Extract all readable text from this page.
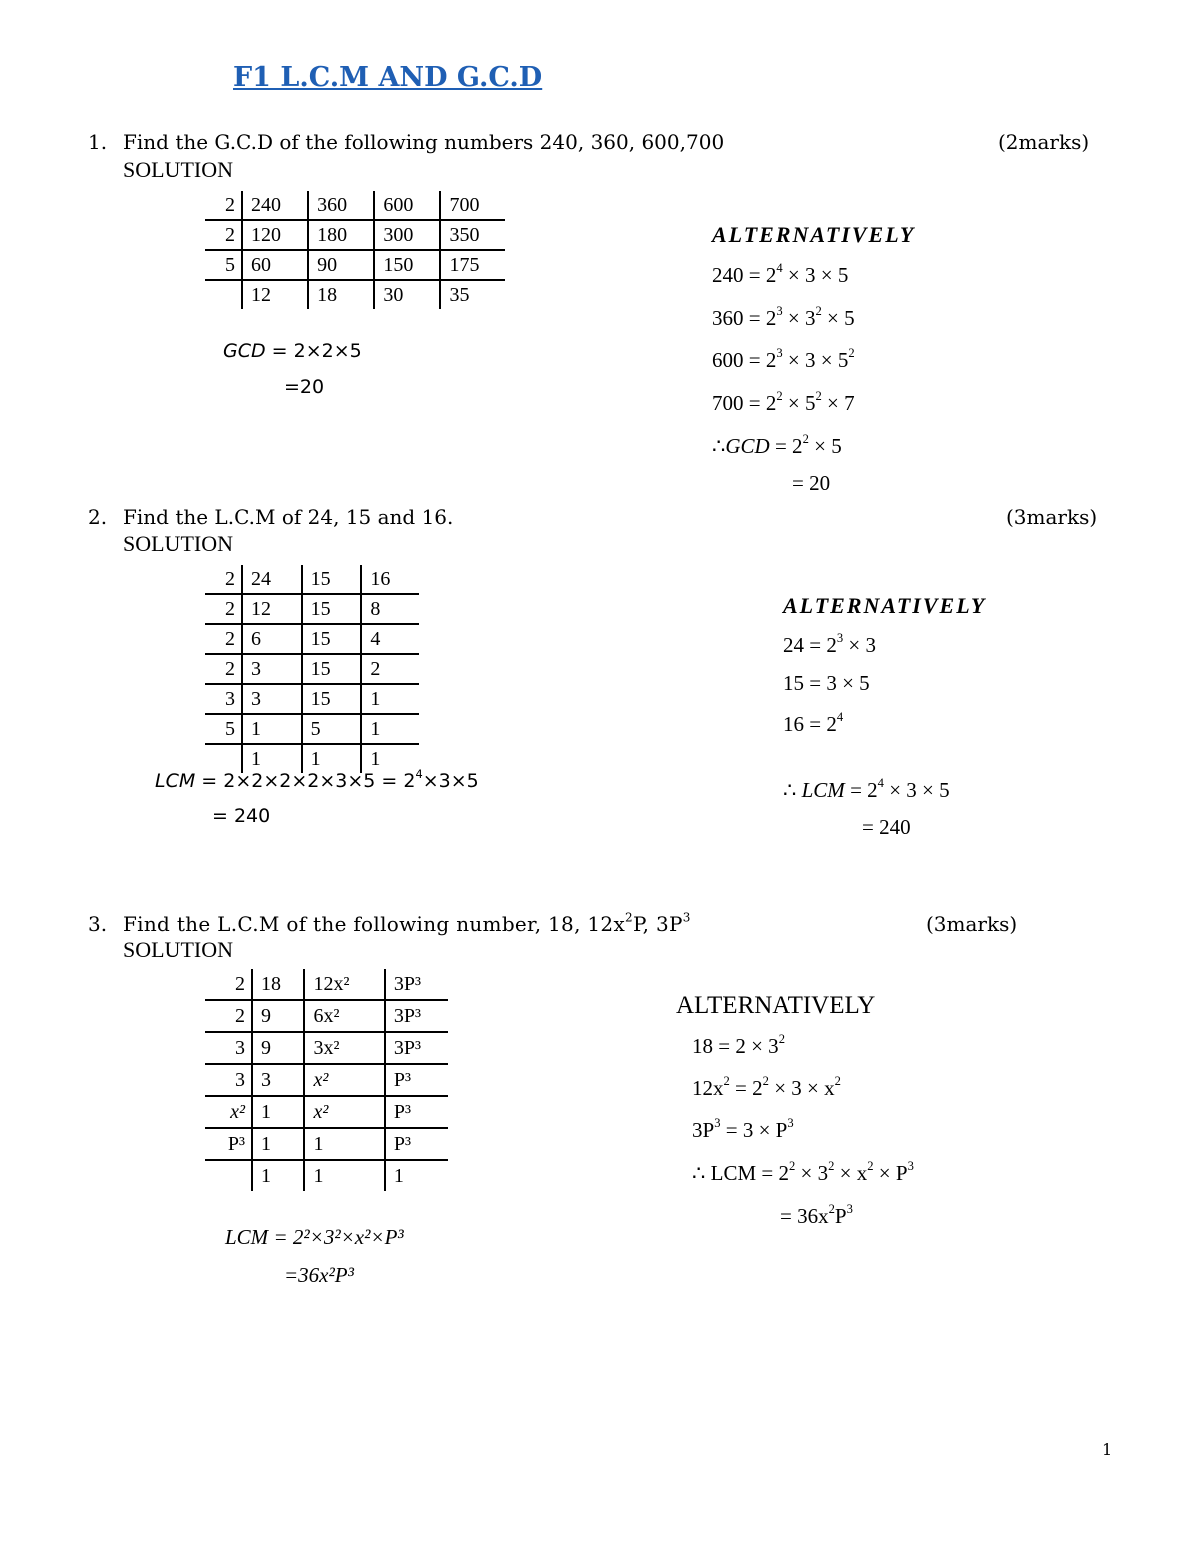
F1 L.C.M AND G.C.D
1. Find the G.C.D of the following numbers 240, 360, 600,700	(2marks)
SOLUTION
2	240	360	600	700
2	120	180	300	350
5	60	90	150	175
	12	18	30	35
GCD = 2×2×5
=20
ALTERNATIVELY
$240 = 2^4 \times 3 \times 5$
$360 = 2^3 \times 3^2 \times 5$
$600 = 2^3 \times 3 \times 5^2$
$700 = 2^2 \times 5^2 \times 7$
∴GCD = $2^2 \times 5$
= 20
2. Find the L.C.M of 24, 15 and 16.	(3marks)
SOLUTION
2	24	15	16
2	12	15	8
2	6	15	4
2	3	15	2
3	3	15	1
5	1	5	1
	1	1	1
LCM = $2\times 2\times 2\times 2\times 3\times 5 = 2^4\times 3\times 5$
= 240
ALTERNATIVELY
$24 = 2^3 \times 3$
15 = 3 × 5
$16 = 2^4$
∴ LCM = $2^4 \times 3 \times 5$
= 240
3. Find the L.C.M of the following number, 18, $12x^2P$, $3P^3$	(3marks)
SOLUTION
2	18	12x²	3P³
2	9	6x²	3P³
3	9	3x²	3P³
3	3	x²	P³
x²	1	x²	P³
P³	1	1	P³
	1	1	1
LCM = 2²×3²×x²×P³
=36x²P³
ALTERNATIVELY
$18 = 2 \times 3^2$
$12x^2 = 2^2 \times 3 \times x^2$
$3P^3 = 3 \times P^3$
∴ LCM = $2^2 \times 3^2 \times x^2 \times P^3$
= $36x^2P^3$
1
